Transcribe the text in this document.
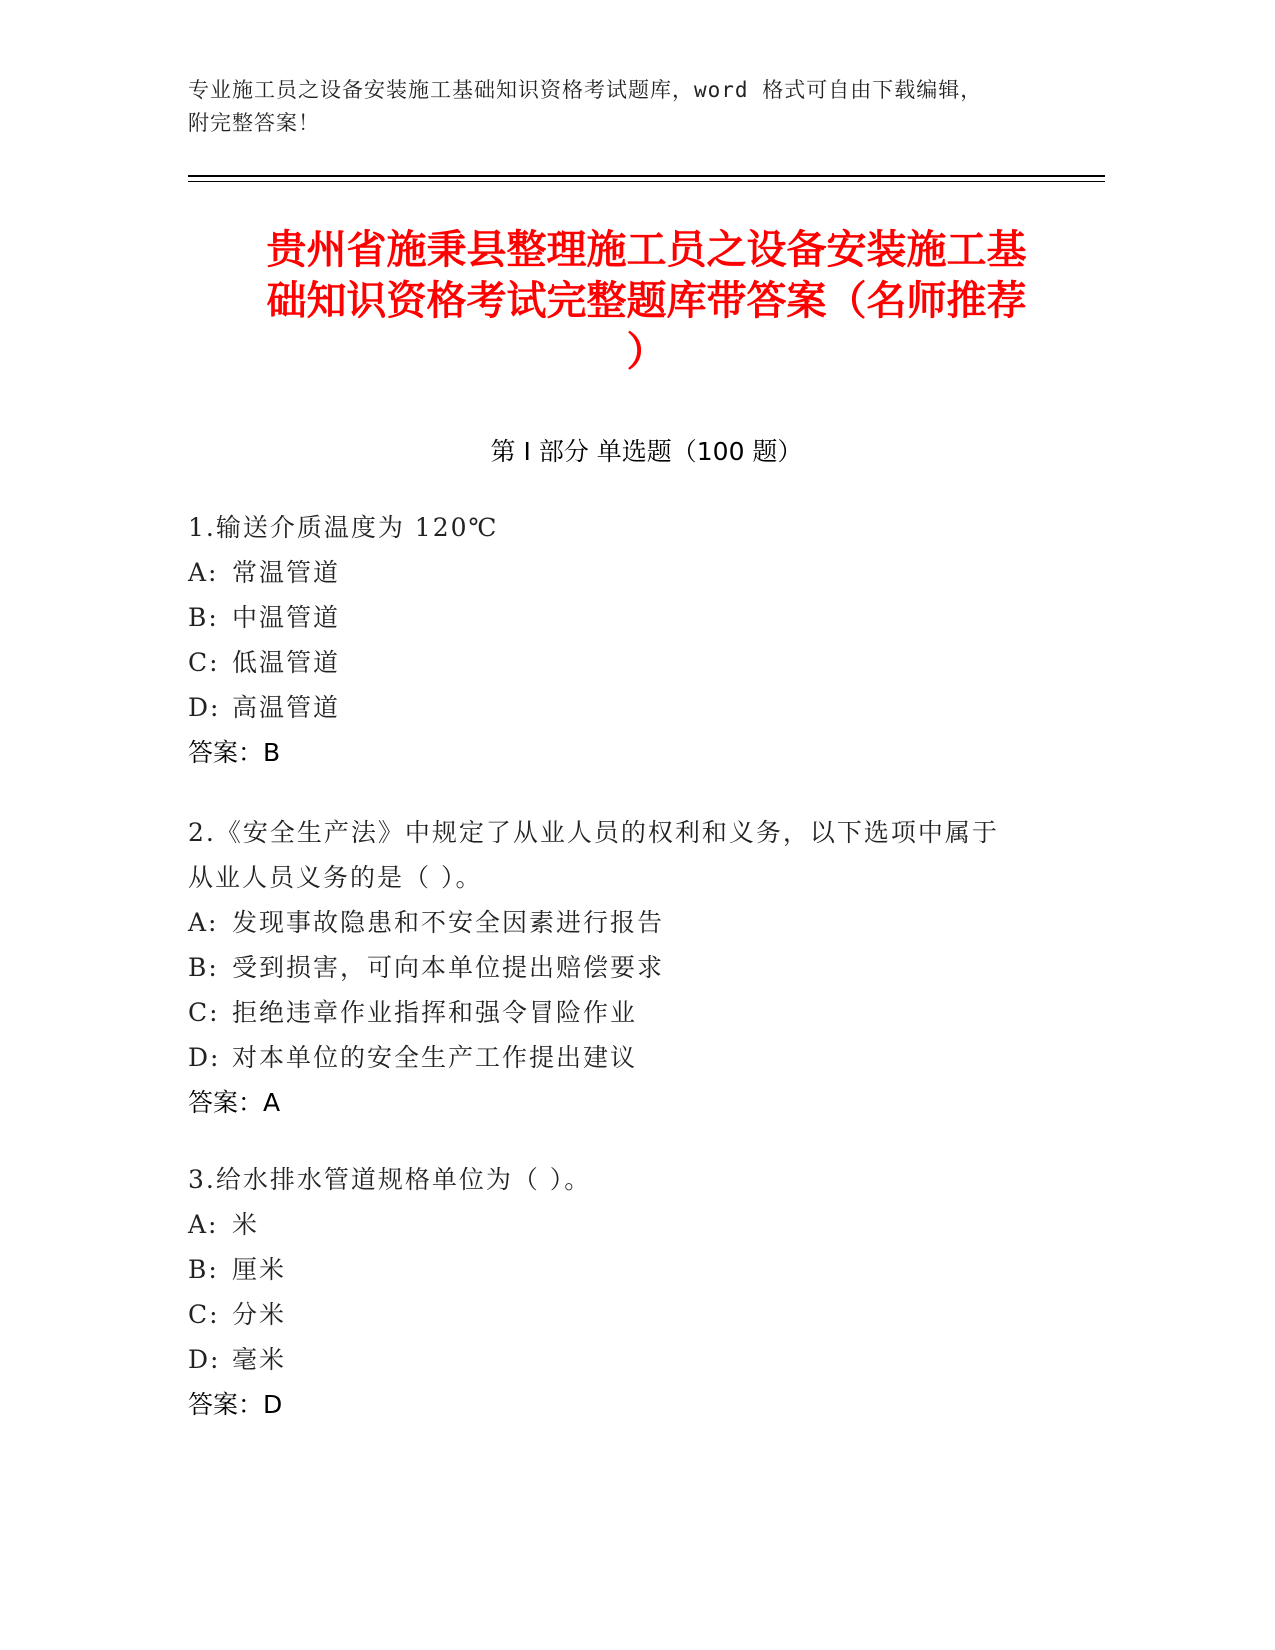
专业施工员之设备安装施工基础知识资格考试题库，word 格式可自由下载编辑，
附完整答案！
贵州省施秉县整理施工员之设备安装施工基
础知识资格考试完整题库带答案（名师推荐
）
第 I 部分 单选题（100 题）

1.输送介质温度为 120℃

A: 常温管道

B: 中温管道

C: 低温管道

D: 高温管道

答案：B

2.《安全生产法》中规定了从业人员的权利和义务，以下选项中属于

从业人员义务的是（ ）。

A: 发现事故隐患和不安全因素进行报告

B: 受到损害，可向本单位提出赔偿要求

C: 拒绝违章作业指挥和强令冒险作业

D: 对本单位的安全生产工作提出建议

答案：A

3.给水排水管道规格单位为（ ）。

A: 米

B: 厘米

C: 分米

D: 毫米

答案：D
